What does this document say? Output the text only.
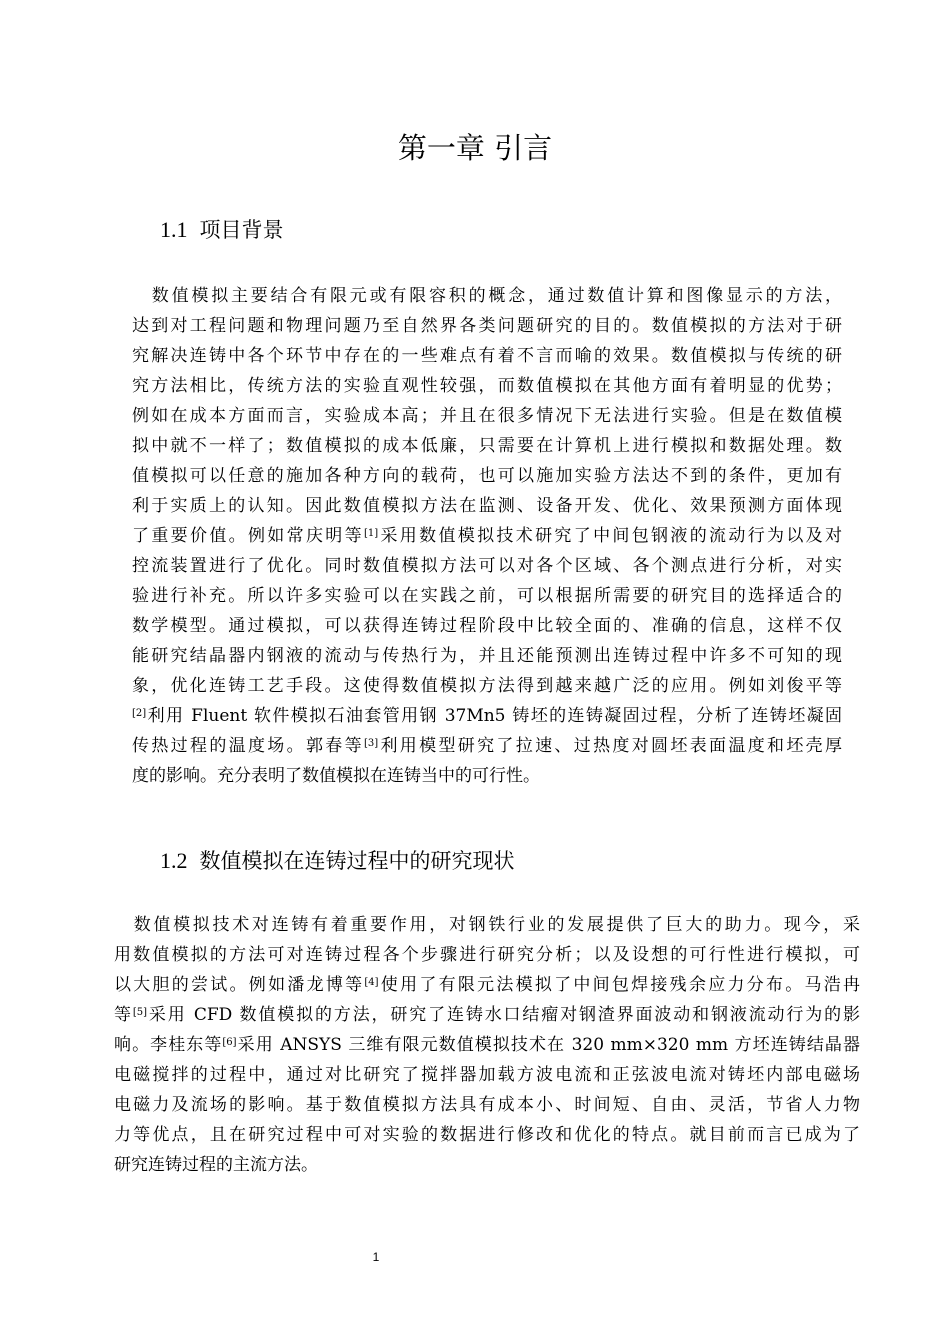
第一章 引言
1.1 项目背景
　数值模拟主要结合有限元或有限容积的概念，通过数值计算和图像显示的方法，
达到对工程问题和物理问题乃至自然界各类问题研究的目的。数值模拟的方法对于研
究解决连铸中各个环节中存在的一些难点有着不言而喻的效果。数值模拟与传统的研
究方法相比，传统方法的实验直观性较强，而数值模拟在其他方面有着明显的优势；
例如在成本方面而言，实验成本高；并且在很多情况下无法进行实验。但是在数值模
拟中就不一样了；数值模拟的成本低廉，只需要在计算机上进行模拟和数据处理。数
值模拟可以任意的施加各种方向的载荷，也可以施加实验方法达不到的条件，更加有
利于实质上的认知。因此数值模拟方法在监测、设备开发、优化、效果预测方面体现
了重要价值。例如常庆明等[1]采用数值模拟技术研究了中间包钢液的流动行为以及对
控流装置进行了优化。同时数值模拟方法可以对各个区域、各个测点进行分析，对实
验进行补充。所以许多实验可以在实践之前，可以根据所需要的研究目的选择适合的
数学模型。通过模拟，可以获得连铸过程阶段中比较全面的、准确的信息，这样不仅
能研究结晶器内钢液的流动与传热行为，并且还能预测出连铸过程中许多不可知的现
象，优化连铸工艺手段。这使得数值模拟方法得到越来越广泛的应用。例如刘俊平等
[2]利用 Fluent 软件模拟石油套管用钢 37Mn5 铸坯的连铸凝固过程，分析了连铸坯凝固
传热过程的温度场。郭春等[3]利用模型研究了拉速、过热度对圆坯表面温度和坯壳厚
度的影响。充分表明了数值模拟在连铸当中的可行性。
1.2 数值模拟在连铸过程中的研究现状
　数值模拟技术对连铸有着重要作用，对钢铁行业的发展提供了巨大的助力。现今，采
用数值模拟的方法可对连铸过程各个步骤进行研究分析；以及设想的可行性进行模拟，可
以大胆的尝试。例如潘龙博等[4]使用了有限元法模拟了中间包焊接残余应力分布。马浩冉
等[5]采用 CFD 数值模拟的方法，研究了连铸水口结瘤对钢渣界面波动和钢液流动行为的影
响。李桂东等[6]采用 ANSYS 三维有限元数值模拟技术在 320 mm×320 mm 方坯连铸结晶器
电磁搅拌的过程中，通过对比研究了搅拌器加载方波电流和正弦波电流对铸坯内部电磁场
电磁力及流场的影响。基于数值模拟方法具有成本小、时间短、自由、灵活，节省人力物
力等优点，且在研究过程中可对实验的数据进行修改和优化的特点。就目前而言已成为了
研究连铸过程的主流方法。
1
